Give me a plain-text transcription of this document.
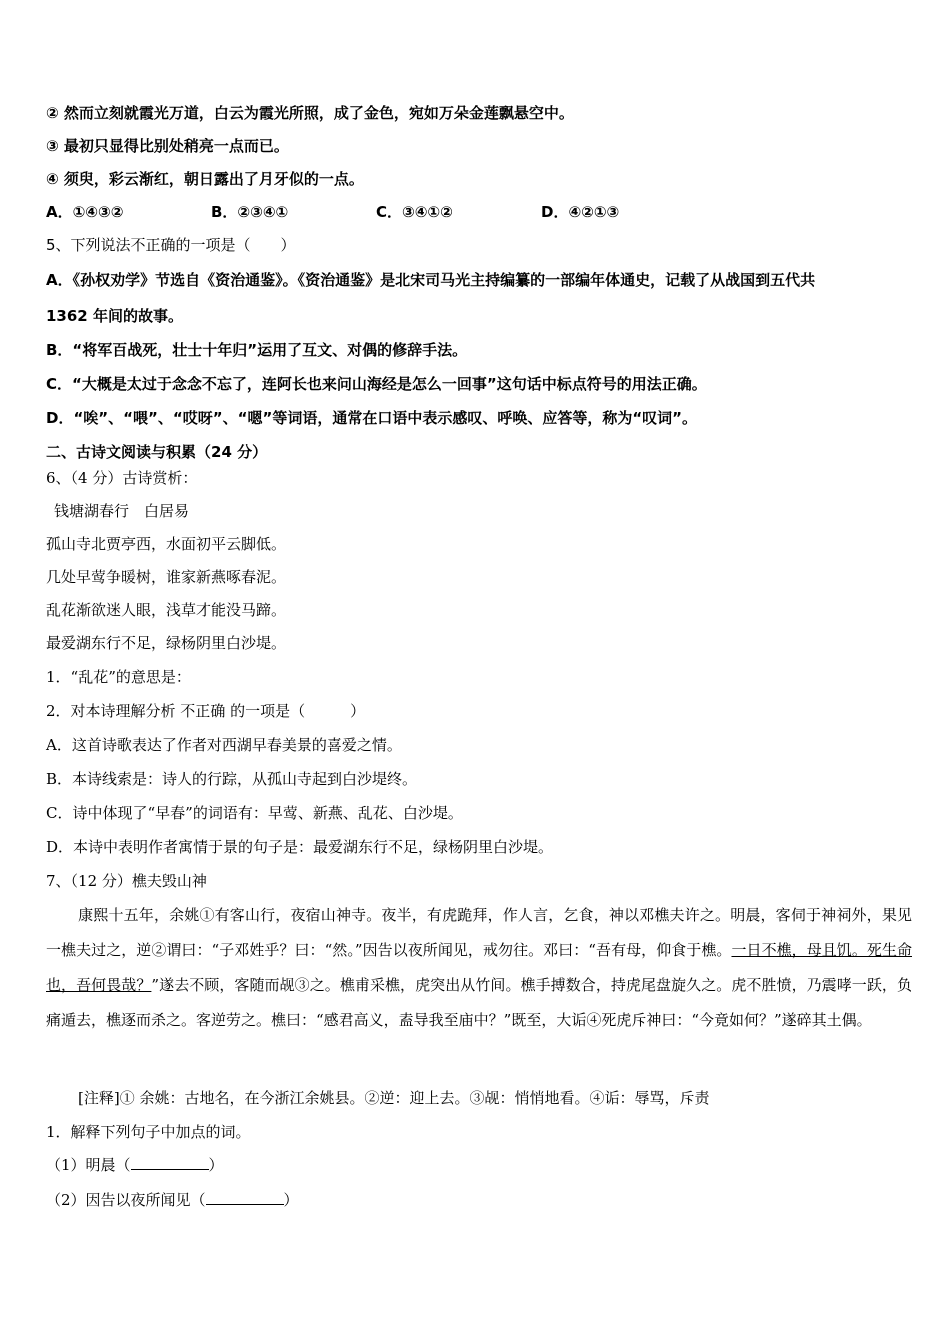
② 然而立刻就霞光万道，白云为霞光所照，成了金色，宛如万朵金莲飘悬空中。
③ 最初只显得比别处稍亮一点而已。
④ 须臾，彩云渐红，朝日露出了月牙似的一点。
A．①④③②	B．②③④①	C．③④①②	D．④②①③
5、下列说法不正确的一项是（　　）
A．《孙权劝学》节选自《资治通鉴》。《资治通鉴》是北宋司马光主持编纂的一部编年体通史，记载了从战国到五代共
1362 年间的故事。
B．“将军百战死，壮士十年归”运用了互文、对偶的修辞手法。
C．“大概是太过于念念不忘了，连阿长也来问山海经是怎么一回事”这句话中标点符号的用法正确。
D．“唉”、“喂”、“哎呀”、“嗯”等词语，通常在口语中表示感叹、呼唤、应答等，称为“叹词”。
二、古诗文阅读与积累（24 分）
6、（4 分）古诗赏析：
钱塘湖春行　白居易
孤山寺北贾亭西，水面初平云脚低。
几处早莺争暖树，谁家新燕啄春泥。
乱花渐欲迷人眼，浅草才能没马蹄。
最爱湖东行不足，绿杨阴里白沙堤。
1．“乱花”的意思是：
2．对本诗理解分析 不正确 的一项是（　　　）
A．这首诗歌表达了作者对西湖早春美景的喜爱之情。
B．本诗线索是：诗人的行踪，从孤山寺起到白沙堤终。
C．诗中体现了“早春”的词语有：早莺、新燕、乱花、白沙堤。
D．本诗中表明作者寓情于景的句子是：最爱湖东行不足，绿杨阴里白沙堤。
7、（12 分）樵夫毁山神
康熙十五年，余姚①有客山行，夜宿山神寺。夜半，有虎跪拜，作人言，乞食，神以邓樵夫许之。明晨，客伺于神祠外，果见一樵夫过之，逆②谓曰：“子邓姓乎？曰：“然。”因告以夜所闻见，戒勿往。邓曰：“吾有母，仰食于樵。一日不樵，母且饥。死生命也，吾何畏哉？”遂去不顾，客随而觇③之。樵甫采樵，虎突出从竹间。樵手搏数合，持虎尾盘旋久之。虎不胜愤，乃震哮一跃，负痛遁去，樵逐而杀之。客逆劳之。樵曰：“感君高义，盍导我至庙中？”既至，大诟④死虎斥神曰：“今竟如何？”遂碎其土偶。
[注释]① 余姚：古地名，在今浙江余姚县。②逆：迎上去。③觇：悄悄地看。④诟：辱骂，斥责
1．解释下列句子中加点的词。
（1）明晨（	）
（2）因告以夜所闻见（	）
